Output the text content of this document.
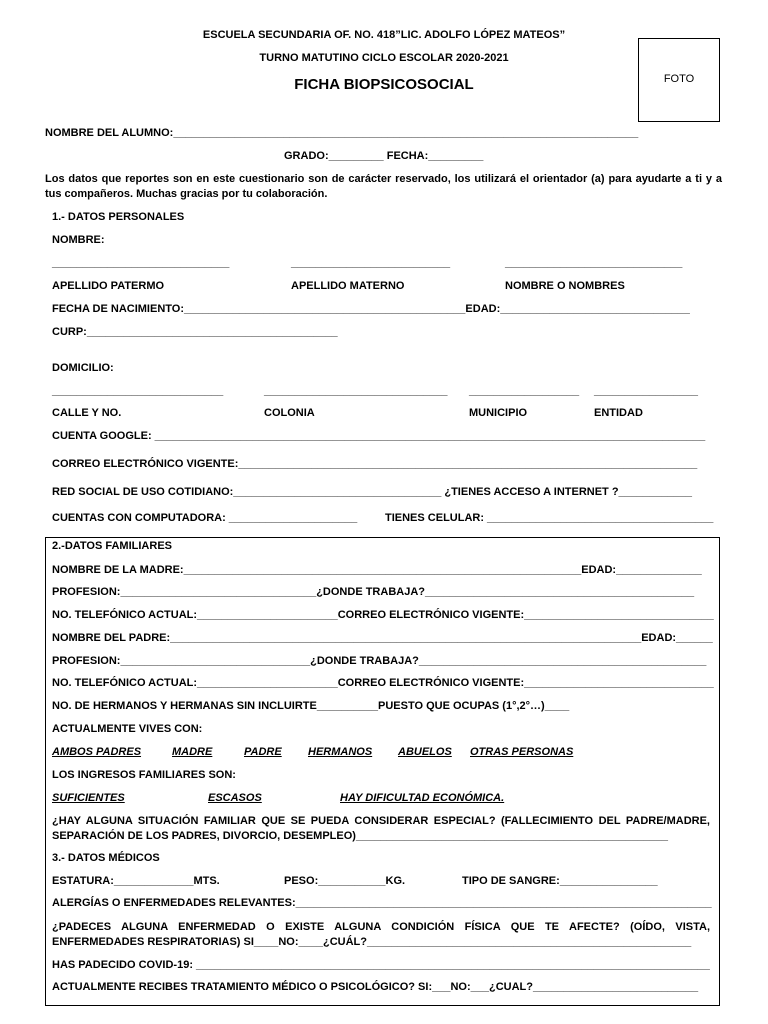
ESCUELA SECUNDARIA OF. NO. 418”LIC. ADOLFO LÓPEZ MATEOS”
TURNO MATUTINO CICLO ESCOLAR 2020-2021
FICHA BIOPSICOSOCIAL	FOTO
NOMBRE DEL ALUMNO:____________________________________________________________________________
GRADO:_________ FECHA:_________
Los datos que reportes son en este cuestionario son de carácter reservado, los utilizará el orientador (a) para ayudarte a ti y a tus compañeros. Muchas gracias por tu colaboración.
1.- DATOS PERSONALES
NOMBRE:
_____________________________	__________________________	_____________________________
APELLIDO PATERMO	APELLIDO MATERNO	NOMBRE O NOMBRES
FECHA DE NACIMIENTO:______________________________________________EDAD:_______________________________
CURP:_________________________________________
DOMICILIO:
____________________________	______________________________ __________________ _________________
CALLE Y NO.	COLONIA	MUNICIPIO	ENTIDAD
CUENTA GOOGLE: __________________________________________________________________________________________
CORREO ELECTRÓNICO VIGENTE:___________________________________________________________________________
RED SOCIAL DE USO COTIDIANO:__________________________________ ¿TIENES ACCESO A INTERNET ?____________
CUENTAS CON COMPUTADORA: _____________________	TIENES CELULAR: _____________________________________
2.-DATOS FAMILIARES
NOMBRE DE LA MADRE:_________________________________________________________________EDAD:______________
PROFESION:________________________________¿DONDE TRABAJA?____________________________________________
NO. TELEFÓNICO ACTUAL:_______________________CORREO ELECTRÓNICO VIGENTE:_______________________________
NOMBRE DEL PADRE:_____________________________________________________________________________EDAD:______
PROFESION:_______________________________¿DONDE TRABAJA?_______________________________________________
NO. TELEFÓNICO ACTUAL:_______________________CORREO ELECTRÓNICO VIGENTE:_______________________________
NO. DE HERMANOS Y HERMANAS SIN INCLUIRTE__________PUESTO QUE OCUPAS (1°,2°…)____
ACTUALMENTE VIVES CON:
AMBOS PADRES	MADRE	PADRE HERMANOS ABUELOS OTRAS PERSONAS
LOS INGRESOS FAMILIARES SON:
SUFICIENTES	ESCASOS	HAY DIFICULTAD ECONÓMICA.
¿HAY ALGUNA SITUACIÓN FAMILIAR QUE SE PUEDA CONSIDERAR ESPECIAL? (FALLECIMIENTO DEL PADRE/MADRE, SEPARACIÓN DE LOS PADRES, DIVORCIO, DESEMPLEO)___________________________________________________
3.- DATOS MÉDICOS
ESTATURA:_____________MTS.	PESO:___________KG.	TIPO DE SANGRE:________________
ALERGÍAS O ENFERMEDADES RELEVANTES:____________________________________________________________________
¿PADECES ALGUNA ENFERMEDAD O EXISTE ALGUNA CONDICIÓN FÍSICA QUE TE AFECTE? (OÍDO, VISTA, ENFERMEDADES RESPIRATORIAS) SI____NO:____¿CUÁL?_____________________________________________________
HAS PADECIDO COVID-19: ____________________________________________________________________________________
ACTUALMENTE RECIBES TRATAMIENTO MÉDICO O PSICOLÓGICO? SI:___NO:___¿CUAL?___________________________
